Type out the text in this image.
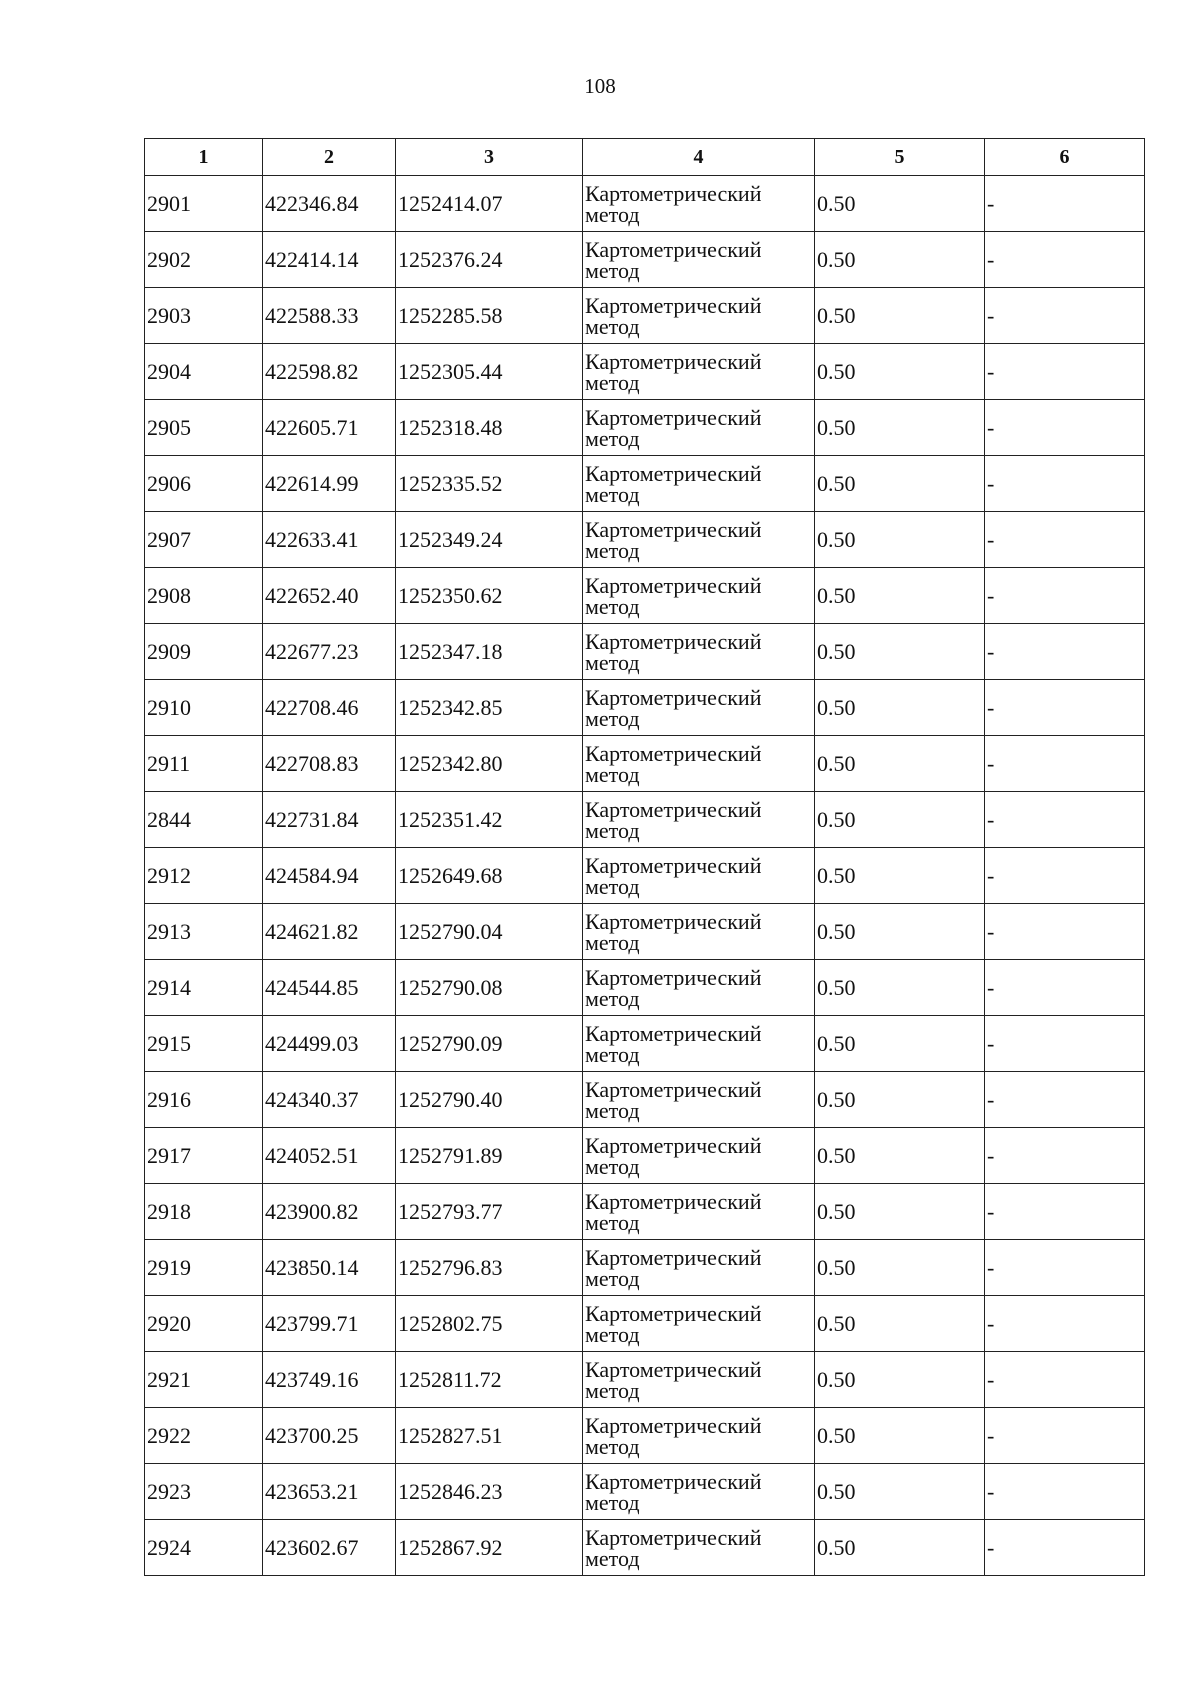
108
1	2	3	4	5	6
2901	422346.84	1252414.07	Картометрический метод	0.50	-
2902	422414.14	1252376.24	Картометрический метод	0.50	-
2903	422588.33	1252285.58	Картометрический метод	0.50	-
2904	422598.82	1252305.44	Картометрический метод	0.50	-
2905	422605.71	1252318.48	Картометрический метод	0.50	-
2906	422614.99	1252335.52	Картометрический метод	0.50	-
2907	422633.41	1252349.24	Картометрический метод	0.50	-
2908	422652.40	1252350.62	Картометрический метод	0.50	-
2909	422677.23	1252347.18	Картометрический метод	0.50	-
2910	422708.46	1252342.85	Картометрический метод	0.50	-
2911	422708.83	1252342.80	Картометрический метод	0.50	-
2844	422731.84	1252351.42	Картометрический метод	0.50	-
2912	424584.94	1252649.68	Картометрический метод	0.50	-
2913	424621.82	1252790.04	Картометрический метод	0.50	-
2914	424544.85	1252790.08	Картометрический метод	0.50	-
2915	424499.03	1252790.09	Картометрический метод	0.50	-
2916	424340.37	1252790.40	Картометрический метод	0.50	-
2917	424052.51	1252791.89	Картометрический метод	0.50	-
2918	423900.82	1252793.77	Картометрический метод	0.50	-
2919	423850.14	1252796.83	Картометрический метод	0.50	-
2920	423799.71	1252802.75	Картометрический метод	0.50	-
2921	423749.16	1252811.72	Картометрический метод	0.50	-
2922	423700.25	1252827.51	Картометрический метод	0.50	-
2923	423653.21	1252846.23	Картометрический метод	0.50	-
2924	423602.67	1252867.92	Картометрический метод	0.50	-
